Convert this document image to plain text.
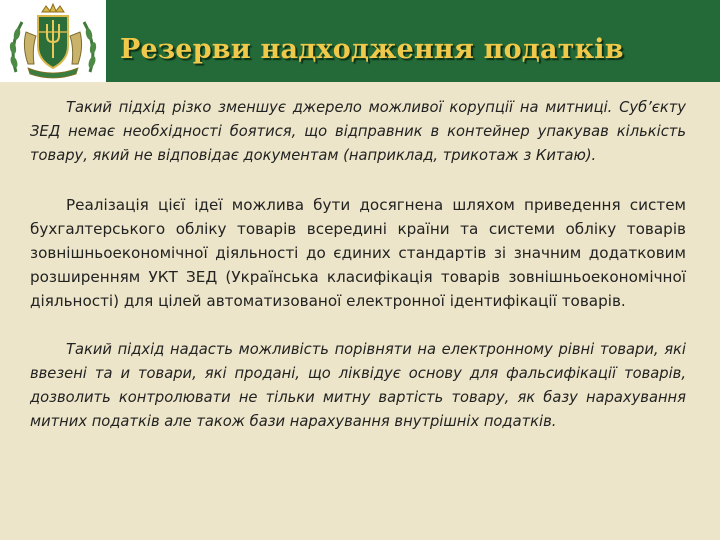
Резерви надходження податків

Такий підхід різко зменшує джерело можливої корупції на митниці. Суб’єкту ЗЕД немає необхідності боятися, що відправник в контейнер упакував кількість товару, який не відповідає документам (наприклад, трикотаж з Китаю).

Реалізація цієї ідеї можлива бути досягнена шляхом приведення систем бухгалтерського обліку товарів всередині країни та системи обліку товарів зовнішньоекономічної діяльності до єдиних стандартів зі значним додатковим розширенням УКТ ЗЕД (Українська класифікація товарів зовнішньоекономічної діяльності) для цілей автоматизованої електронної ідентифікації товарів.

Такий підхід надасть можливість порівняти на електронному рівні товари, які ввезені та и товари, які продані, що ліквідує основу для фальсифікації товарів, дозволить контролювати не тільки митну вартість товару, як базу нарахування митних податків але також бази нарахування внутрішніх податків.
